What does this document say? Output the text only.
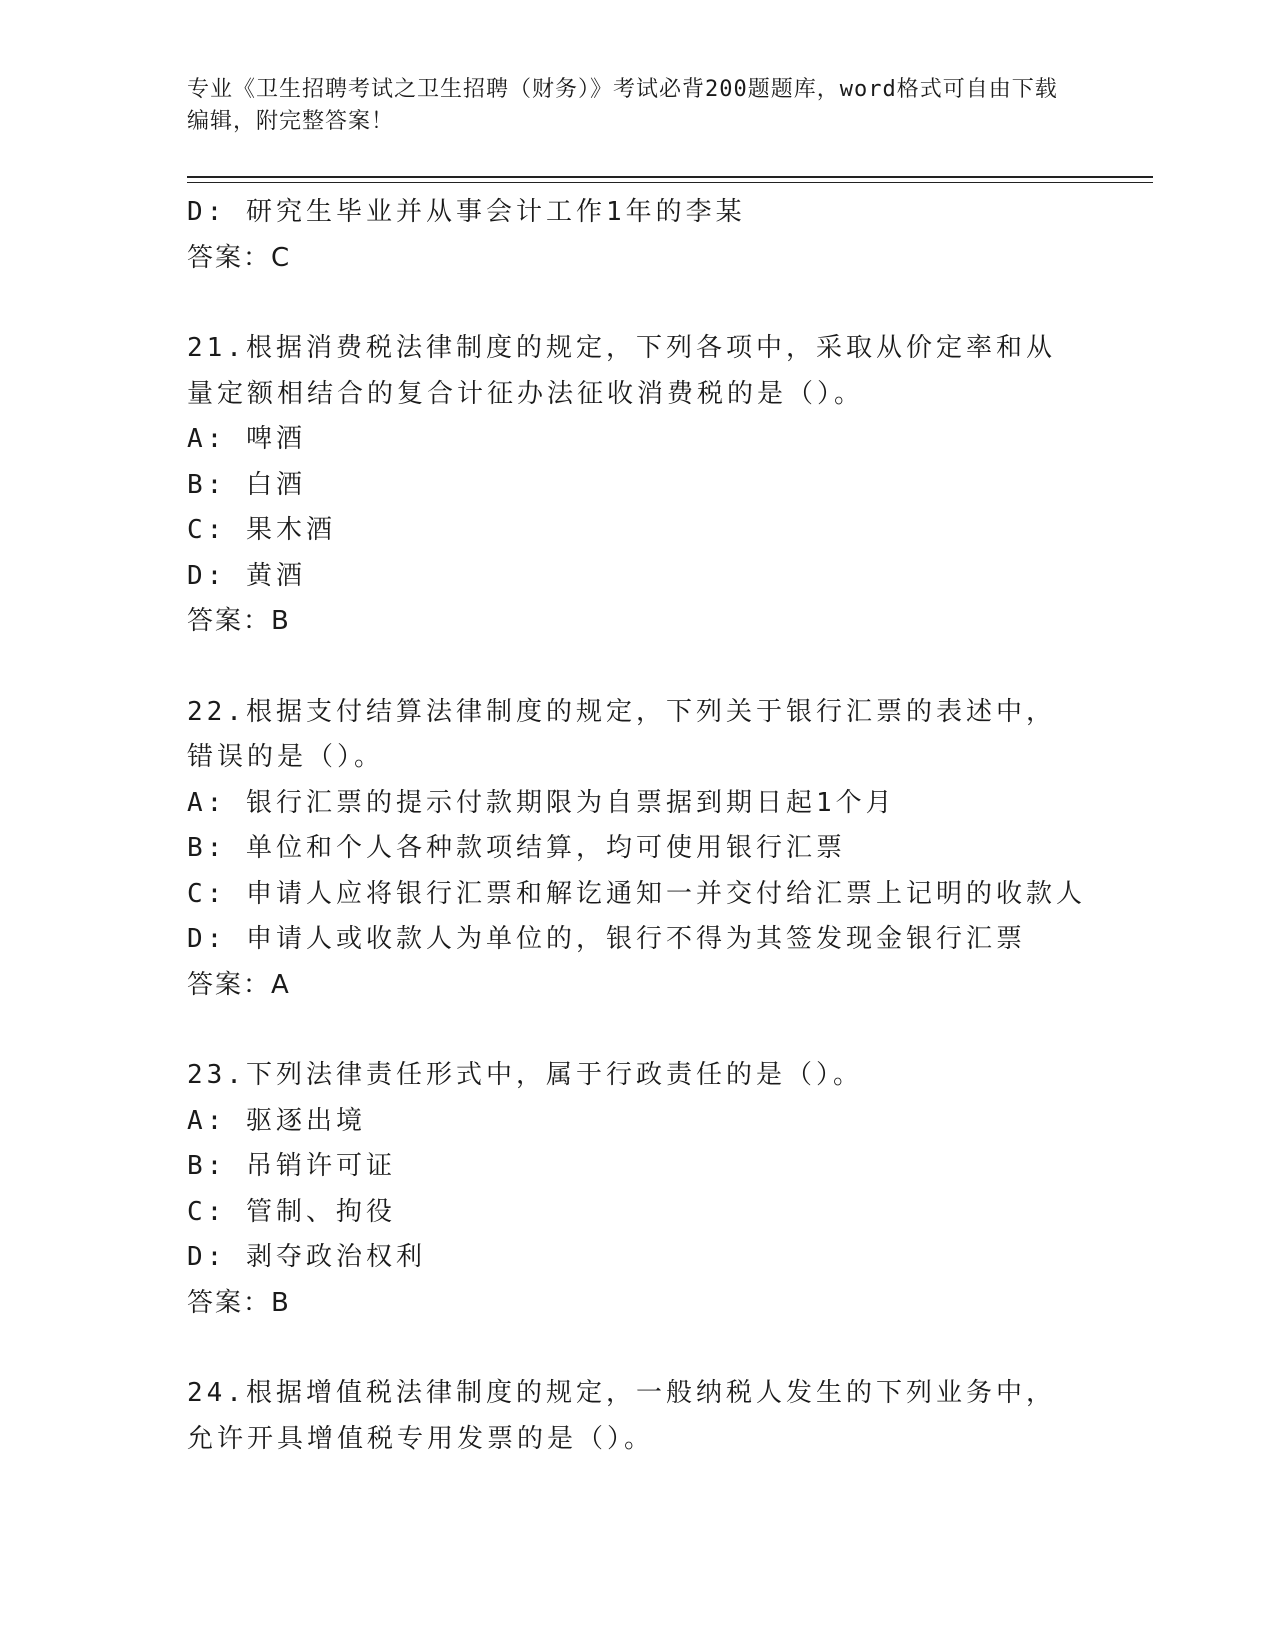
专业《卫生招聘考试之卫生招聘（财务）》考试必背200题题库，word格式可自由下载编辑，附完整答案！
D: 研究生毕业并从事会计工作1年的李某
答案：C
21.根据消费税法律制度的规定，下列各项中，采取从价定率和从量定额相结合的复合计征办法征收消费税的是（）。
A: 啤酒
B: 白酒
C: 果木酒
D: 黄酒
答案：B
22.根据支付结算法律制度的规定，下列关于银行汇票的表述中，错误的是（）。
A: 银行汇票的提示付款期限为自票据到期日起1个月
B: 单位和个人各种款项结算，均可使用银行汇票
C: 申请人应将银行汇票和解讫通知一并交付给汇票上记明的收款人
D: 申请人或收款人为单位的，银行不得为其签发现金银行汇票
答案：A
23.下列法律责任形式中，属于行政责任的是（）。
A: 驱逐出境
B: 吊销许可证
C: 管制、拘役
D: 剥夺政治权利
答案：B
24.根据增值税法律制度的规定，一般纳税人发生的下列业务中，允许开具增值税专用发票的是（）。
